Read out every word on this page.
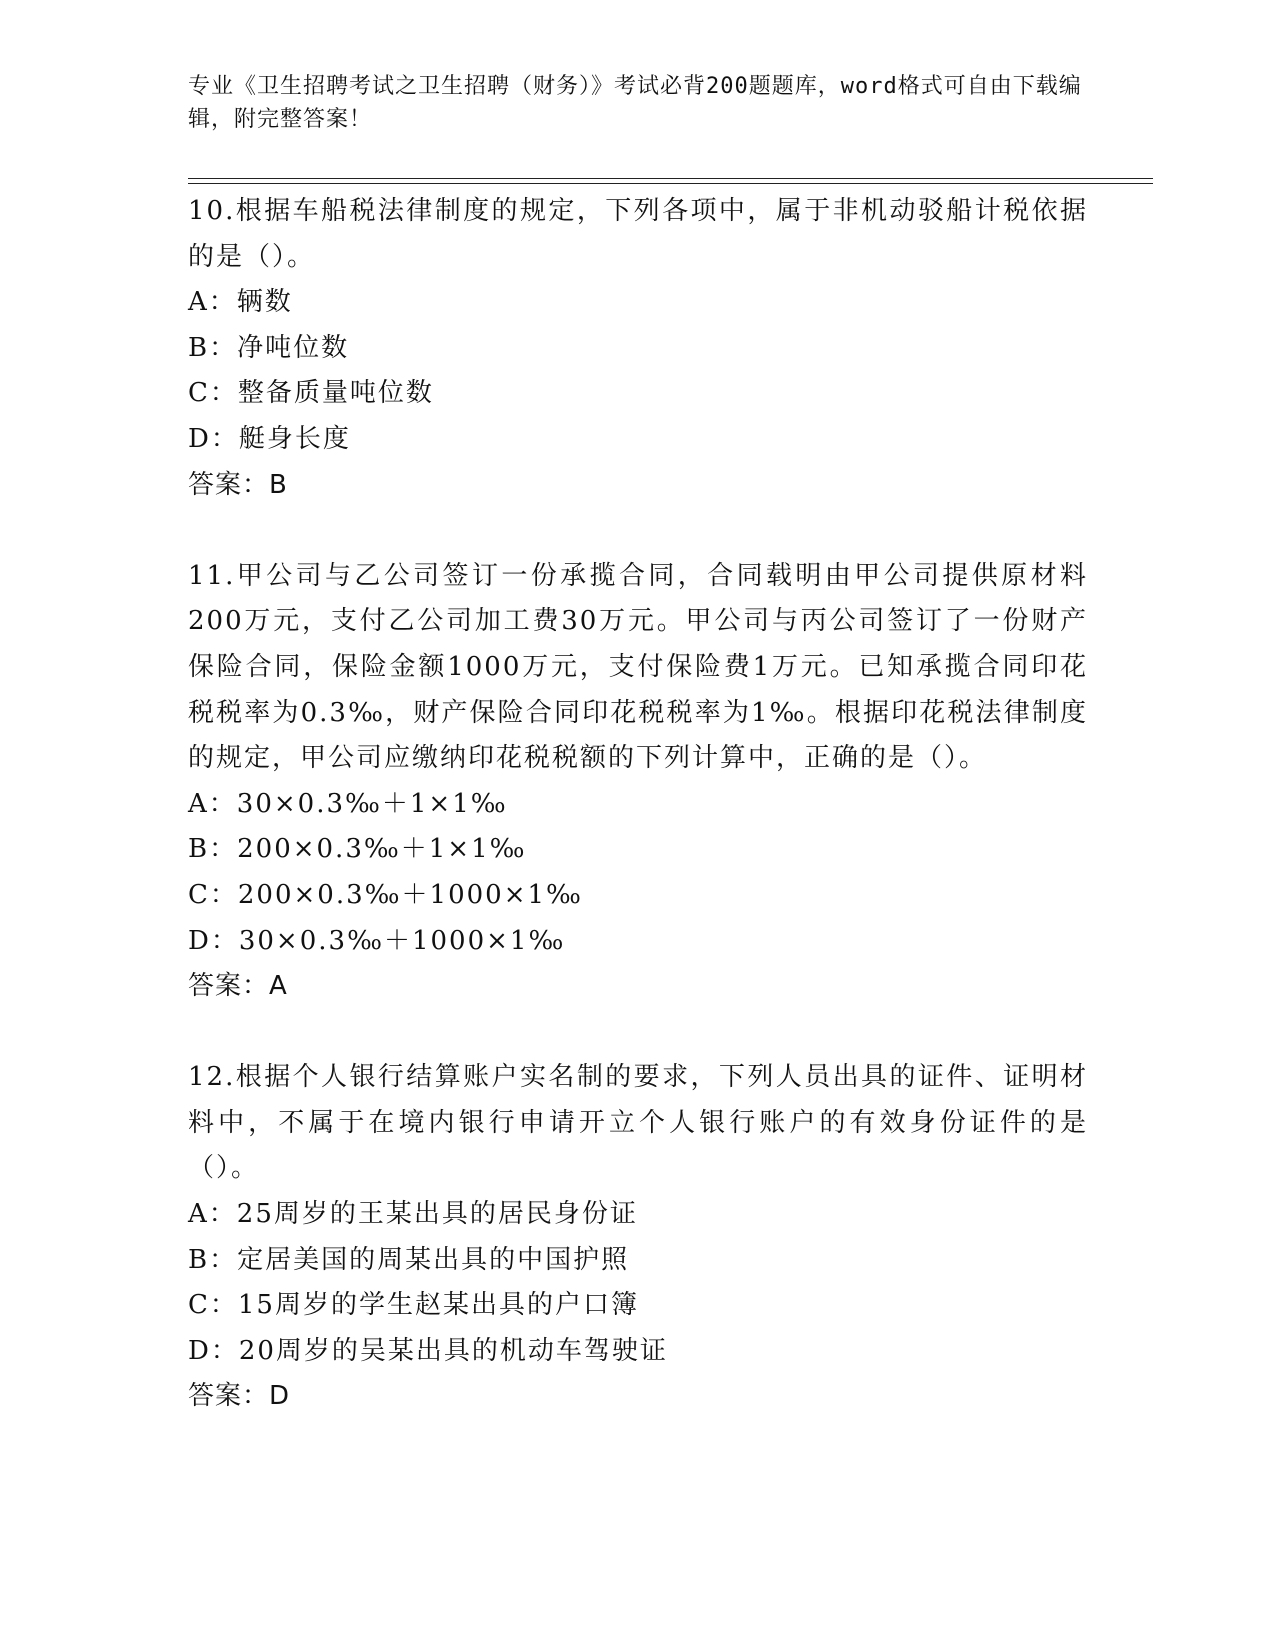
专业《卫生招聘考试之卫生招聘（财务）》考试必背200题题库，word格式可自由下载编辑，附完整答案！

10.根据车船税法律制度的规定，下列各项中，属于非机动驳船计税依据的是（）。

A：辆数

B：净吨位数

C：整备质量吨位数

D：艇身长度

答案：B

11.甲公司与乙公司签订一份承揽合同，合同载明由甲公司提供原材料200万元，支付乙公司加工费30万元。甲公司与丙公司签订了一份财产保险合同，保险金额1000万元，支付保险费1万元。已知承揽合同印花税税率为0.3‰，财产保险合同印花税税率为1‰。根据印花税法律制度的规定，甲公司应缴纳印花税税额的下列计算中，正确的是（）。

A：30×0.3‰＋1×1‰

B：200×0.3‰＋1×1‰

C：200×0.3‰＋1000×1‰

D：30×0.3‰＋1000×1‰

答案：A

12.根据个人银行结算账户实名制的要求，下列人员出具的证件、证明材料中，不属于在境内银行申请开立个人银行账户的有效身份证件的是（）。

A：25周岁的王某出具的居民身份证

B：定居美国的周某出具的中国护照

C：15周岁的学生赵某出具的户口簿

D：20周岁的吴某出具的机动车驾驶证

答案：D
